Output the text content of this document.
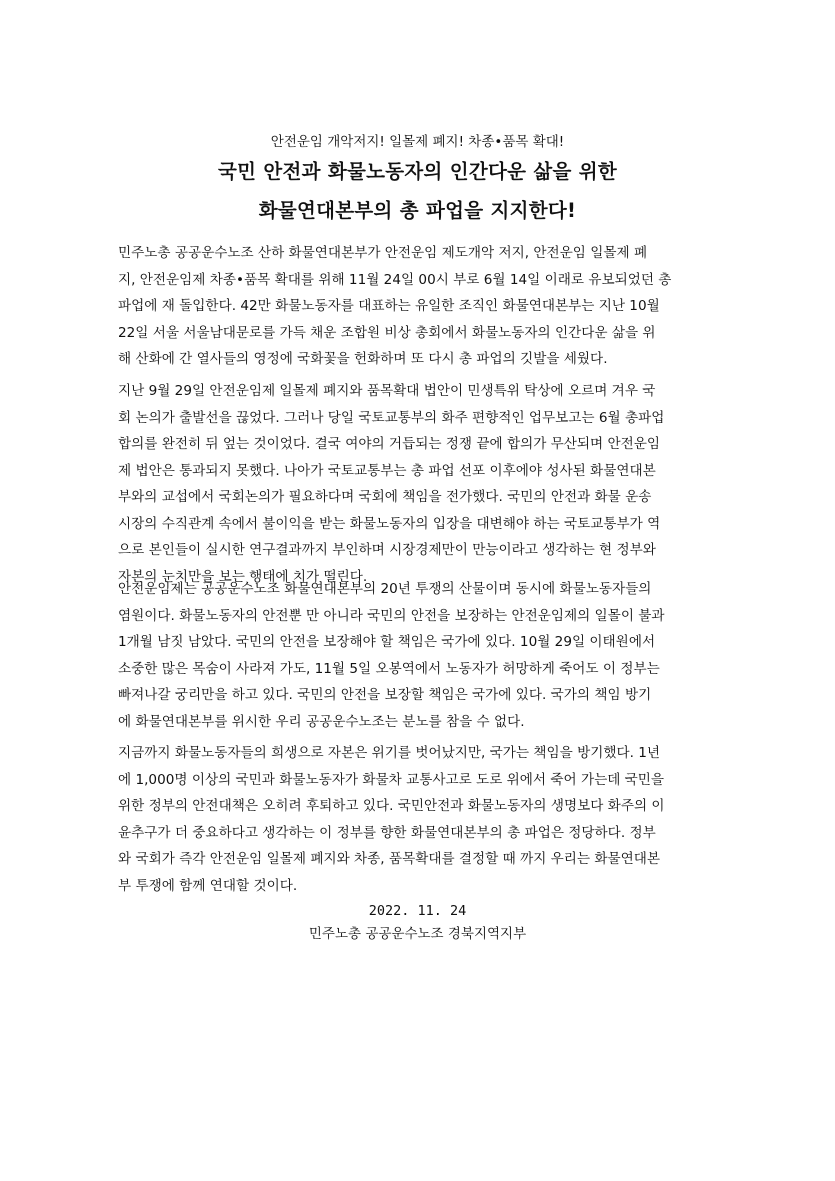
안전운임 개악저지! 일몰제 폐지! 차종•품목 확대!
국민 안전과 화물노동자의 인간다운 삶을 위한
화물연대본부의 총 파업을 지지한다!
민주노총 공공운수노조 산하 화물연대본부가 안전운임 제도개악 저지, 안전운임 일몰제 폐
지, 안전운임제 차종•품목 확대를 위해 11월 24일 00시 부로 6월 14일 이래로 유보되었던 총
파업에 재 돌입한다. 42만 화물노동자를 대표하는 유일한 조직인 화물연대본부는 지난 10월
22일 서울 서울남대문로를 가득 채운 조합원 비상 총회에서 화물노동자의 인간다운 삶을 위
해 산화에 간 열사들의 영정에 국화꽃을 헌화하며 또 다시 총 파업의 깃발을 세웠다.
지난 9월 29일 안전운임제 일몰제 폐지와 품목확대 법안이 민생특위 탁상에 오르며 겨우 국
회 논의가 출발선을 끊었다. 그러나 당일 국토교통부의 화주 편향적인 업무보고는 6월 총파업
합의를 완전히 뒤 엎는 것이었다. 결국 여야의 거듭되는 정쟁 끝에 합의가 무산되며 안전운임
제 법안은 통과되지 못했다. 나아가 국토교통부는 총 파업 선포 이후에야 성사된 화물연대본
부와의 교섭에서 국회논의가 필요하다며 국회에 책임을 전가했다. 국민의 안전과 화물 운송
시장의 수직관계 속에서 불이익을 받는 화물노동자의 입장을 대변해야 하는 국토교통부가 역
으로 본인들이 실시한 연구결과까지 부인하며 시장경제만이 만능이라고 생각하는 현 정부와
자본의 눈치만을 보는 행태에 치가 떨린다.
안전운임제는 공공운수노조 화물연대본부의 20년 투쟁의 산물이며 동시에 화물노동자들의
염원이다. 화물노동자의 안전뿐 만 아니라 국민의 안전을 보장하는 안전운임제의 일몰이 불과
1개월 남짓 남았다. 국민의 안전을 보장해야 할 책임은 국가에 있다. 10월 29일 이태원에서
소중한 많은 목숨이 사라져 가도, 11월 5일 오봉역에서 노동자가 허망하게 죽어도 이 정부는
빠져나갈 궁리만을 하고 있다. 국민의 안전을 보장할 책임은 국가에 있다. 국가의 책임 방기
에 화물연대본부를 위시한 우리 공공운수노조는 분노를 참을 수 없다.
지금까지 화물노동자들의 희생으로 자본은 위기를 벗어났지만, 국가는 책임을 방기했다. 1년
에 1,000명 이상의 국민과 화물노동자가 화물차 교통사고로 도로 위에서 죽어 가는데 국민을
위한 정부의 안전대책은 오히려 후퇴하고 있다. 국민안전과 화물노동자의 생명보다 화주의 이
윤추구가 더 중요하다고 생각하는 이 정부를 향한 화물연대본부의 총 파업은 정당하다. 정부
와 국회가 즉각 안전운임 일몰제 폐지와 차종, 품목확대를 결정할 때 까지 우리는 화물연대본
부 투쟁에 함께 연대할 것이다.
2022. 11. 24
민주노총 공공운수노조 경북지역지부
